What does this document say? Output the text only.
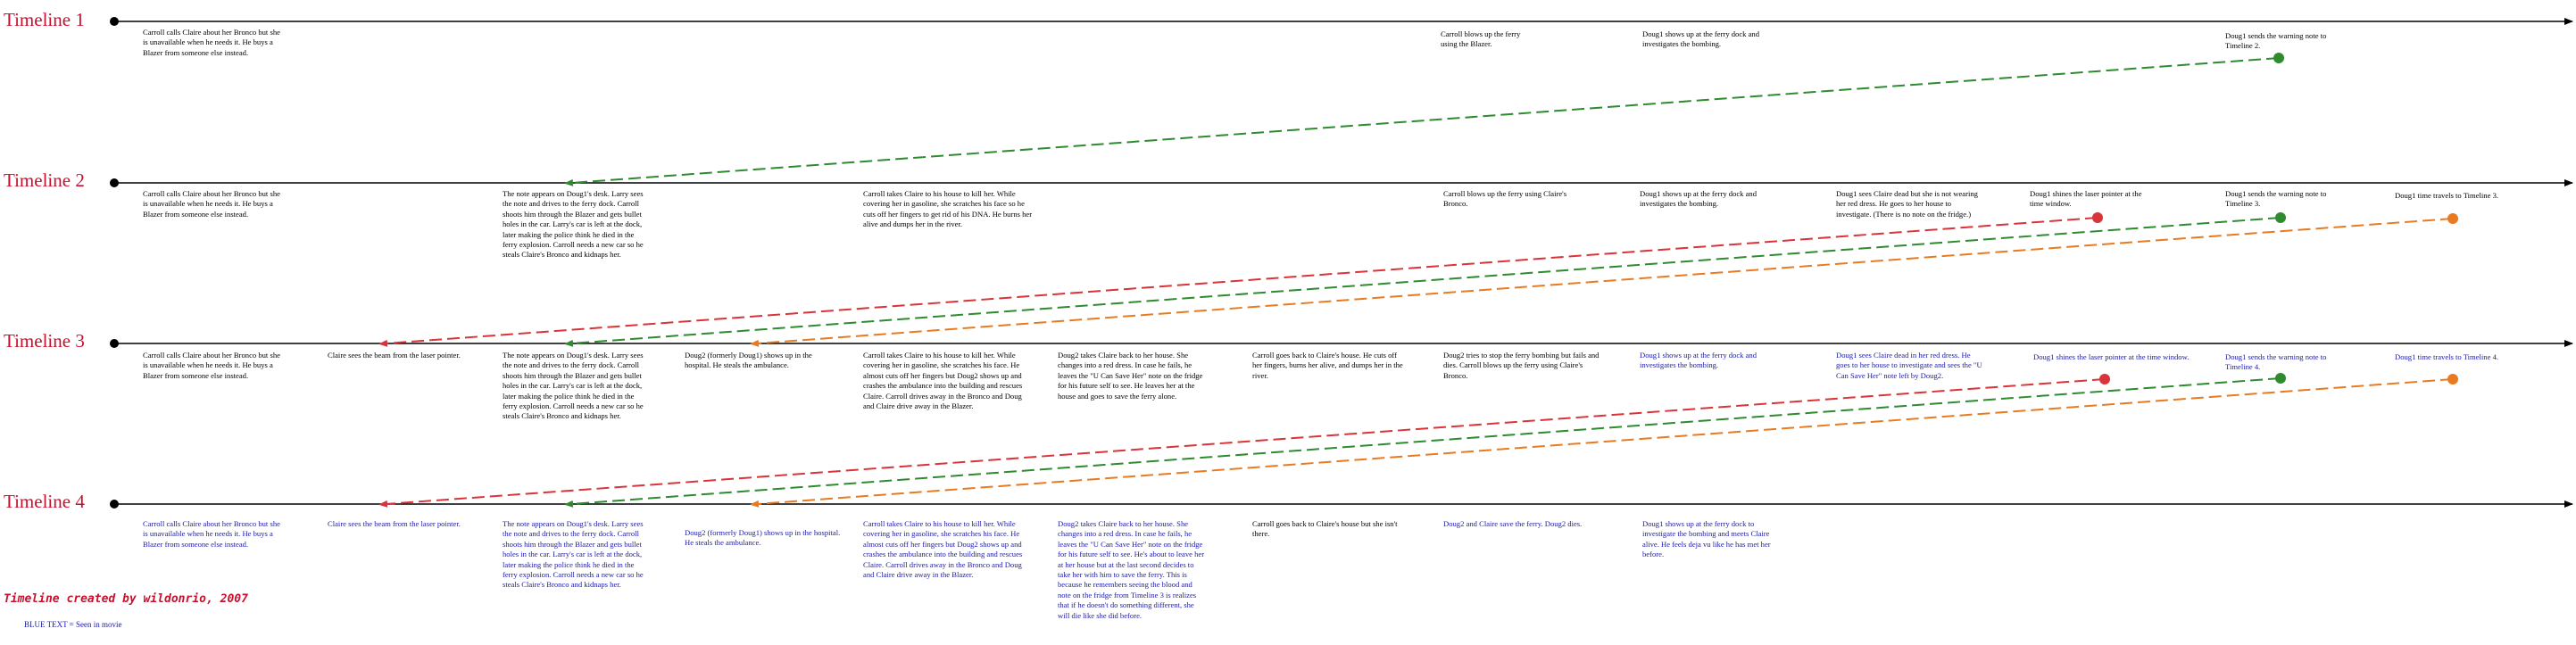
Timeline 1
Timeline 2
Timeline 3
Timeline 4
Carroll calls Claire about her Bronco but she is unavailable when he needs it. He buys a Blazer from someone else instead.
Carroll blows up the ferry using the Blazer.
Doug1 shows up at the ferry dock and investigates the bombing.
Doug1 sends the warning note to Timeline 2.
Carroll calls Claire about her Bronco but she is unavailable when he needs it. He buys a Blazer from someone else instead.
The note appears on Doug1's desk. Larry sees the note and drives to the ferry dock. Carroll shoots him through the Blazer and gets bullet holes in the car. Larry's car is left at the dock, later making the police think he died in the ferry explosion. Carroll needs a new car so he steals Claire's Bronco and kidnaps her.
Carroll takes Claire to his house to kill her. While covering her in gasoline, she scratches his face so he cuts off her fingers to get rid of his DNA. He burns her alive and dumps her in the river.
Carroll blows up the ferry using Claire's Bronco.
Doug1 shows up at the ferry dock and investigates the bombing.
Doug1 sees Claire dead but she is not wearing her red dress. He goes to her house to investigate. (There is no note on the fridge.)
Doug1 shines the laser pointer at the time window.
Doug1 sends the warning note to Timeline 3.
Doug1 time travels to Timeline 3.
Carroll calls Claire about her Bronco but she is unavailable when he needs it. He buys a Blazer from someone else instead.
Claire sees the beam from the laser pointer.	The note appears on Doug1's desk. Larry sees the note and drives to the ferry dock. Carroll shoots him through the Blazer and gets bullet holes in the car. Larry's car is left at the dock, later making the police think he died in the ferry explosion. Carroll needs a new car so he steals Claire's Bronco and kidnaps her.
Doug2 (formerly Doug1) shows up in the hospital. He steals the ambulance.
Carroll takes Claire to his house to kill her. While covering her in gasoline, she scratches his face. He almost cuts off her fingers but Doug2 shows up and crashes the ambulance into the building and rescues Claire. Carroll drives away in the Bronco and Doug and Claire drive away in the Blazer.
Doug2 takes Claire back to her house. She changes into a red dress. In case he fails, he leaves the "U Can Save Her" note on the fridge for his future self to see. He leaves her at the house and goes to save the ferry alone.
Carroll goes back to Claire's house. He cuts off her fingers, burns her alive, and dumps her in the river.
Doug2 tries to stop the ferry bombing but fails and dies. Carroll blows up the ferry using Claire's Bronco.
Doug1 shows up at the ferry dock and investigates the bombing.
Doug1 sees Claire dead in her red dress. He goes to her house to investigate and sees the "U Can Save Her" note left by Doug2.
Doug1 shines the laser pointer at the time window.	Doug1 sends the warning note to Timeline 4.
Doug1 time travels to Timeline 4.
Carroll calls Claire about her Bronco but she is unavailable when he needs it. He buys a Blazer from someone else instead.
Claire sees the beam from the laser pointer.	The note appears on Doug1's desk. Larry sees the note and drives to the ferry dock. Carroll shoots him through the Blazer and gets bullet holes in the car. Larry's car is left at the dock, later making the police think he died in the ferry explosion. Carroll needs a new car so he steals Claire's Bronco and kidnaps her.
Doug2 (formerly Doug1) shows up in the hospital. He steals the ambulance.
Carroll takes Claire to his house to kill her. While covering her in gasoline, she scratches his face. He almost cuts off her fingers but Doug2 shows up and crashes the ambulance into the building and rescues Claire. Carroll drives away in the Bronco and Doug and Claire drive away in the Blazer.
Doug2 takes Claire back to her house. She changes into a red dress. In case he fails, he leaves the "U Can Save Her" note on the fridge for his future self to see. He's about to leave her at her house but at the last second decides to take her with him to save the ferry. This is because he remembers seeing the blood and note on the fridge from Timeline 3 is realizes that if he doesn't do something different, she will die like she did before.
Carroll goes back to Claire's house but she isn't there.
Doug2 and Claire save the ferry. Doug2 dies.	Doug1 shows up at the ferry dock to investigate the bombing and meets Claire alive. He feels deja vu like he has met her before.
Timeline created by wildonrio, 2007
BLUE TEXT = Seen in movie
